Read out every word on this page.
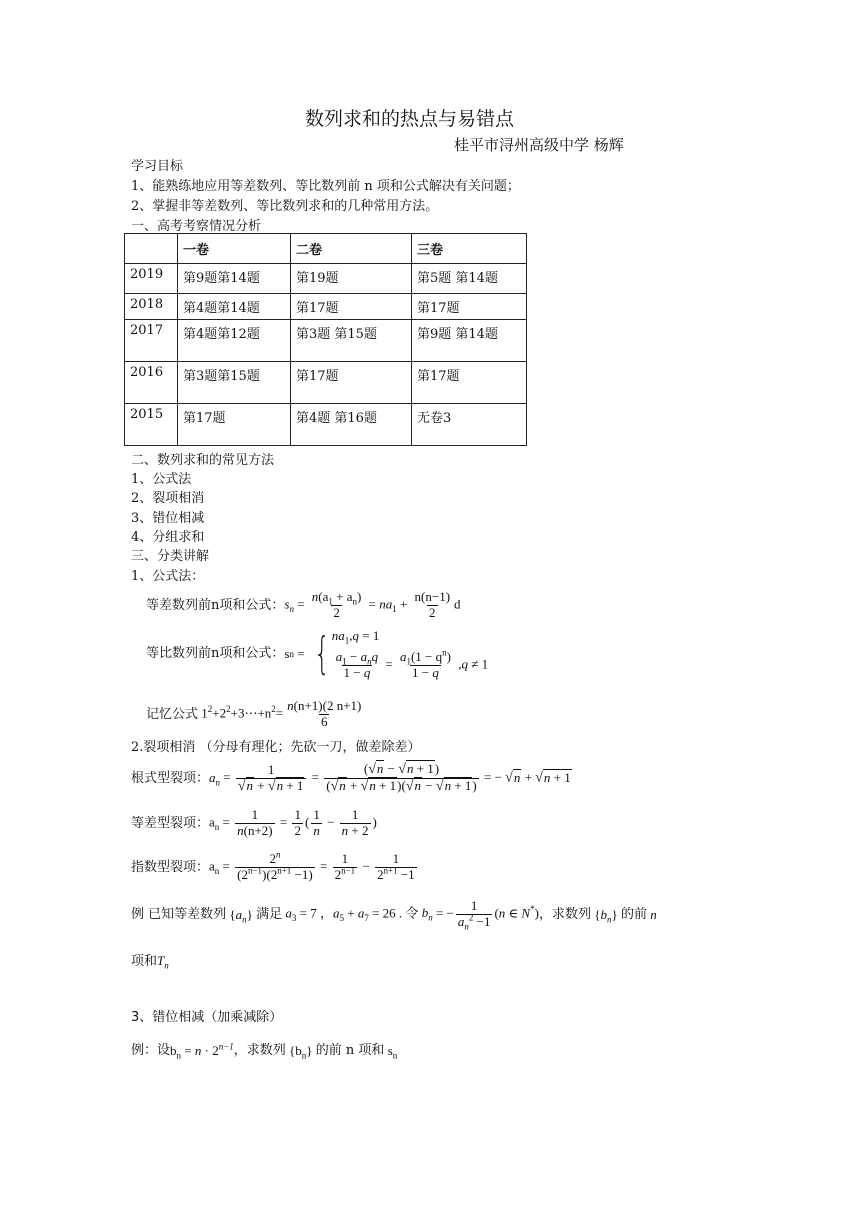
数列求和的热点与易错点
桂平市浔州高级中学 杨辉
学习目标
1、能熟练地应用等差数列、等比数列前 n 项和公式解决有关问题；
2、掌握非等差数列、等比数列求和的几种常用方法。
一、高考考察情况分析
	一卷	二卷	三卷
2019	第9题第14题	第19题	第5题 第14题
2018	第4题第14题	第17题	第17题
2017	第4题第12题	第3题 第15题	第9题 第14题
2016	第3题第15题	第17题	第17题
2015	第17题	第4题 第16题	无卷3
二、数列求和的常见方法
1、公式法
2、裂项相消
3、错位相减
4、分组求和
三、分类讲解
1、公式法：
等差数列前n项和公式： $s_n = \frac{n(a_1 + a_n)}{2} = na_1 + \frac{n(n-1)}{2}$ d
等比数列前n项和公式： s n = { $na_1,q = 1$
$\frac{a_1 - a_nq}{1 - q} = \frac{a_1(1 - q^n)}{1 - q} ,q \ne 1$
记忆公式 $1^2+2^2+3\cdots+n^2= \frac{n(n+1)(2 n+1)}{6}$
2.裂项相消 （分母有理化；先砍一刀，做差除差）
根式型裂项： $a_n = \frac{1}{√n + √n + 1} = \frac{(√n - √n + 1)}{(√n + √n + 1)(√n - √n + 1)}$ = − √n + √n + 1
等差型裂项： $a_n = \frac{1}{n(n+2)} = \frac{1}{2}$ ( $\frac{1}{n} - \frac{1}{n + 2}$ )
指数型裂项： $a_n = \frac{2^n}{(2^{n-1})(2^{n+1} -1)} = \frac{1}{2^{n-1}} - \frac{1}{2^{n+1} -1}$
例 已知等差数列 $\{a_n\}$ 满足 $a_3 = 7$ ，$a_5 + a_7 = 26$ . 令 $b_n$ = − $\frac{1}{a_n^2 -1} (n$ ∈ N*) ，求数列 $\{b_n\}$ 的前 n
项和$T_n$
3、错位相减（加乘减除）
例：设 $b_n = n \cdot 2^{n-1}$ ，求数列 $\{b_n\}$ 的前 n 项和 $s_n$
